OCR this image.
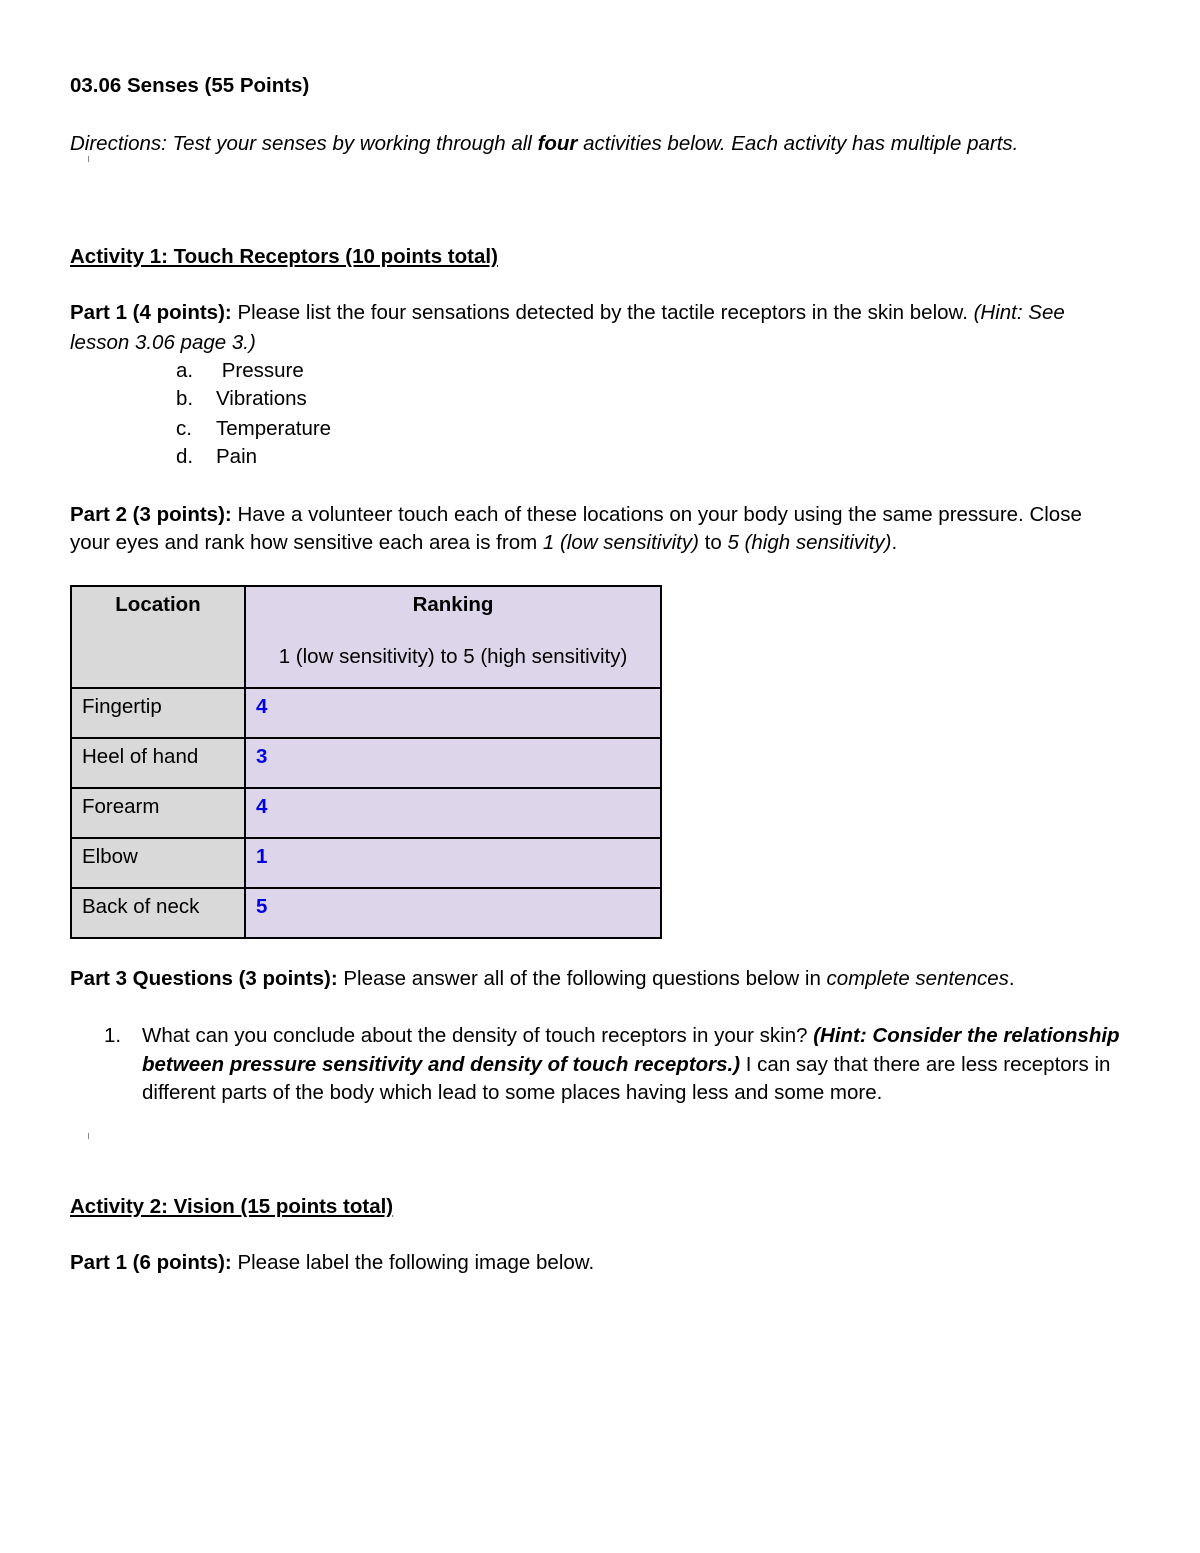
03.06 Senses (55 Points)
Directions: Test your senses by working through all four activities below. Each activity has multiple parts.
Activity 1: Touch Receptors (10 points total)
Part 1 (4 points): Please list the four sensations detected by the tactile receptors in the skin below. (Hint: See
lesson 3.06 page 3.)
a. Pressure
b. Vibrations
c. Temperature
d. Pain
Part 2 (3 points): Have a volunteer touch each of these locations on your body using the same pressure. Close
your eyes and rank how sensitive each area is from 1 (low sensitivity) to 5 (high sensitivity).
Location	Ranking
1 (low sensitivity) to 5 (high sensitivity)

Fingertip	4
Heel of hand	3
Forearm	4
Elbow	1
Back of neck	5
Part 3 Questions (3 points): Please answer all of the following questions below in complete sentences.
1.	What can you conclude about the density of touch receptors in your skin? (Hint: Consider the relationship between pressure sensitivity and density of touch receptors.) I can say that there are less receptors in different parts of the body which lead to some places having less and some more.
Activity 2: Vision (15 points total)
Part 1 (6 points): Please label the following image below.
